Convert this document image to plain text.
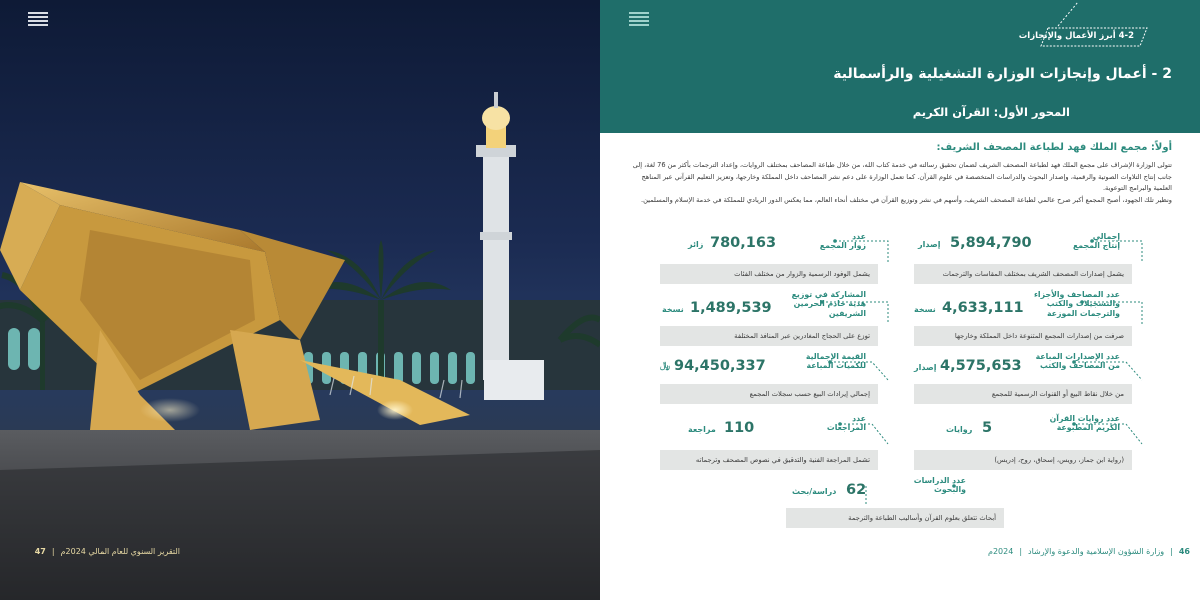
التقرير السنوي للعام المالي 2024م
|
47
4-2 أبرز الأعمال والإنجازات
2 - أعمال وإنجازات الوزارة التشغيلية والرأسمالية
المحور الأول: القرآن الكريم
أولاً: مجمع الملك فهد لطباعة المصحف الشريف:

تتولى الوزارة الإشراف على مجمع الملك فهد لطباعة المصحف الشريف لضمان تحقيق رسالته في خدمة كتاب الله، من خلال طباعة المصاحف بمختلف الروايات، وإعداد الترجمات بأكثر من 76 لغة، إلى جانب إنتاج التلاوات الصوتية والرقمية، وإصدار البحوث والدراسات المتخصصة في علوم القرآن. كما تعمل الوزارة على دعم نشر المصاحف داخل المملكة وخارجها، وتعزيز التعليم القرآني عبر المناهج العلمية والبرامج التوعوية.

ونظير تلك الجهود، أصبح المجمع أكبر صرح عالمي لطباعة المصحف الشريف، وأسهم في نشر وتوزيع القرآن في مختلف أنحاء العالم، مما يعكس الدور الريادي للمملكة في خدمة الإسلام والمسلمين.

إجمالي
إنتاج المجمع
5,894,790
إصدار
يشمل إصدارات المصحف الشريف بمختلف المقاسات والترجمات
عدد
زوار المجمع
780,163
زائر
يشمل الوفود الرسمية والزوار من مختلف الفئات
عدد المصاحف والأجزاء
والتسجيلات والكتب
والترجمات الموزعة
4,633,111
نسخة
صرفت من إصدارات المجمع المتنوعة داخل المملكة وخارجها
المشاركة في توزيع
هدية خادم الحرمين
الشريفين
1,489,539
نسخة
توزع على الحجاج المغادرين عبر المنافذ المختلفة
عدد الإصدارات المباعة
من المصاحف والكتب
4,575,653
إصدار
من خلال نقاط البيع أو القنوات الرسمية للمجمع
القيمة الإجمالية
للكميات المباعة
94,450,337
﷼
إجمالي إيرادات البيع حسب سجلات المجمع
عدد روايات القرآن
الكريم المطبوعة
5
روايات
(رواية ابن جماز، رويس، إسحاق، روح، إدريس)
عدد
المراجعات
110
مراجعة
تشمل المراجعة الفنية والتدقيق في نصوص المصحف وترجماته
عدد الدراسات
والبحوث
62
دراسة/بحث
أبحاث تتعلق بعلوم القرآن وأساليب الطباعة والترجمة
46
|
وزارة الشؤون الإسلامية والدعوة والإرشاد
|
2024م
